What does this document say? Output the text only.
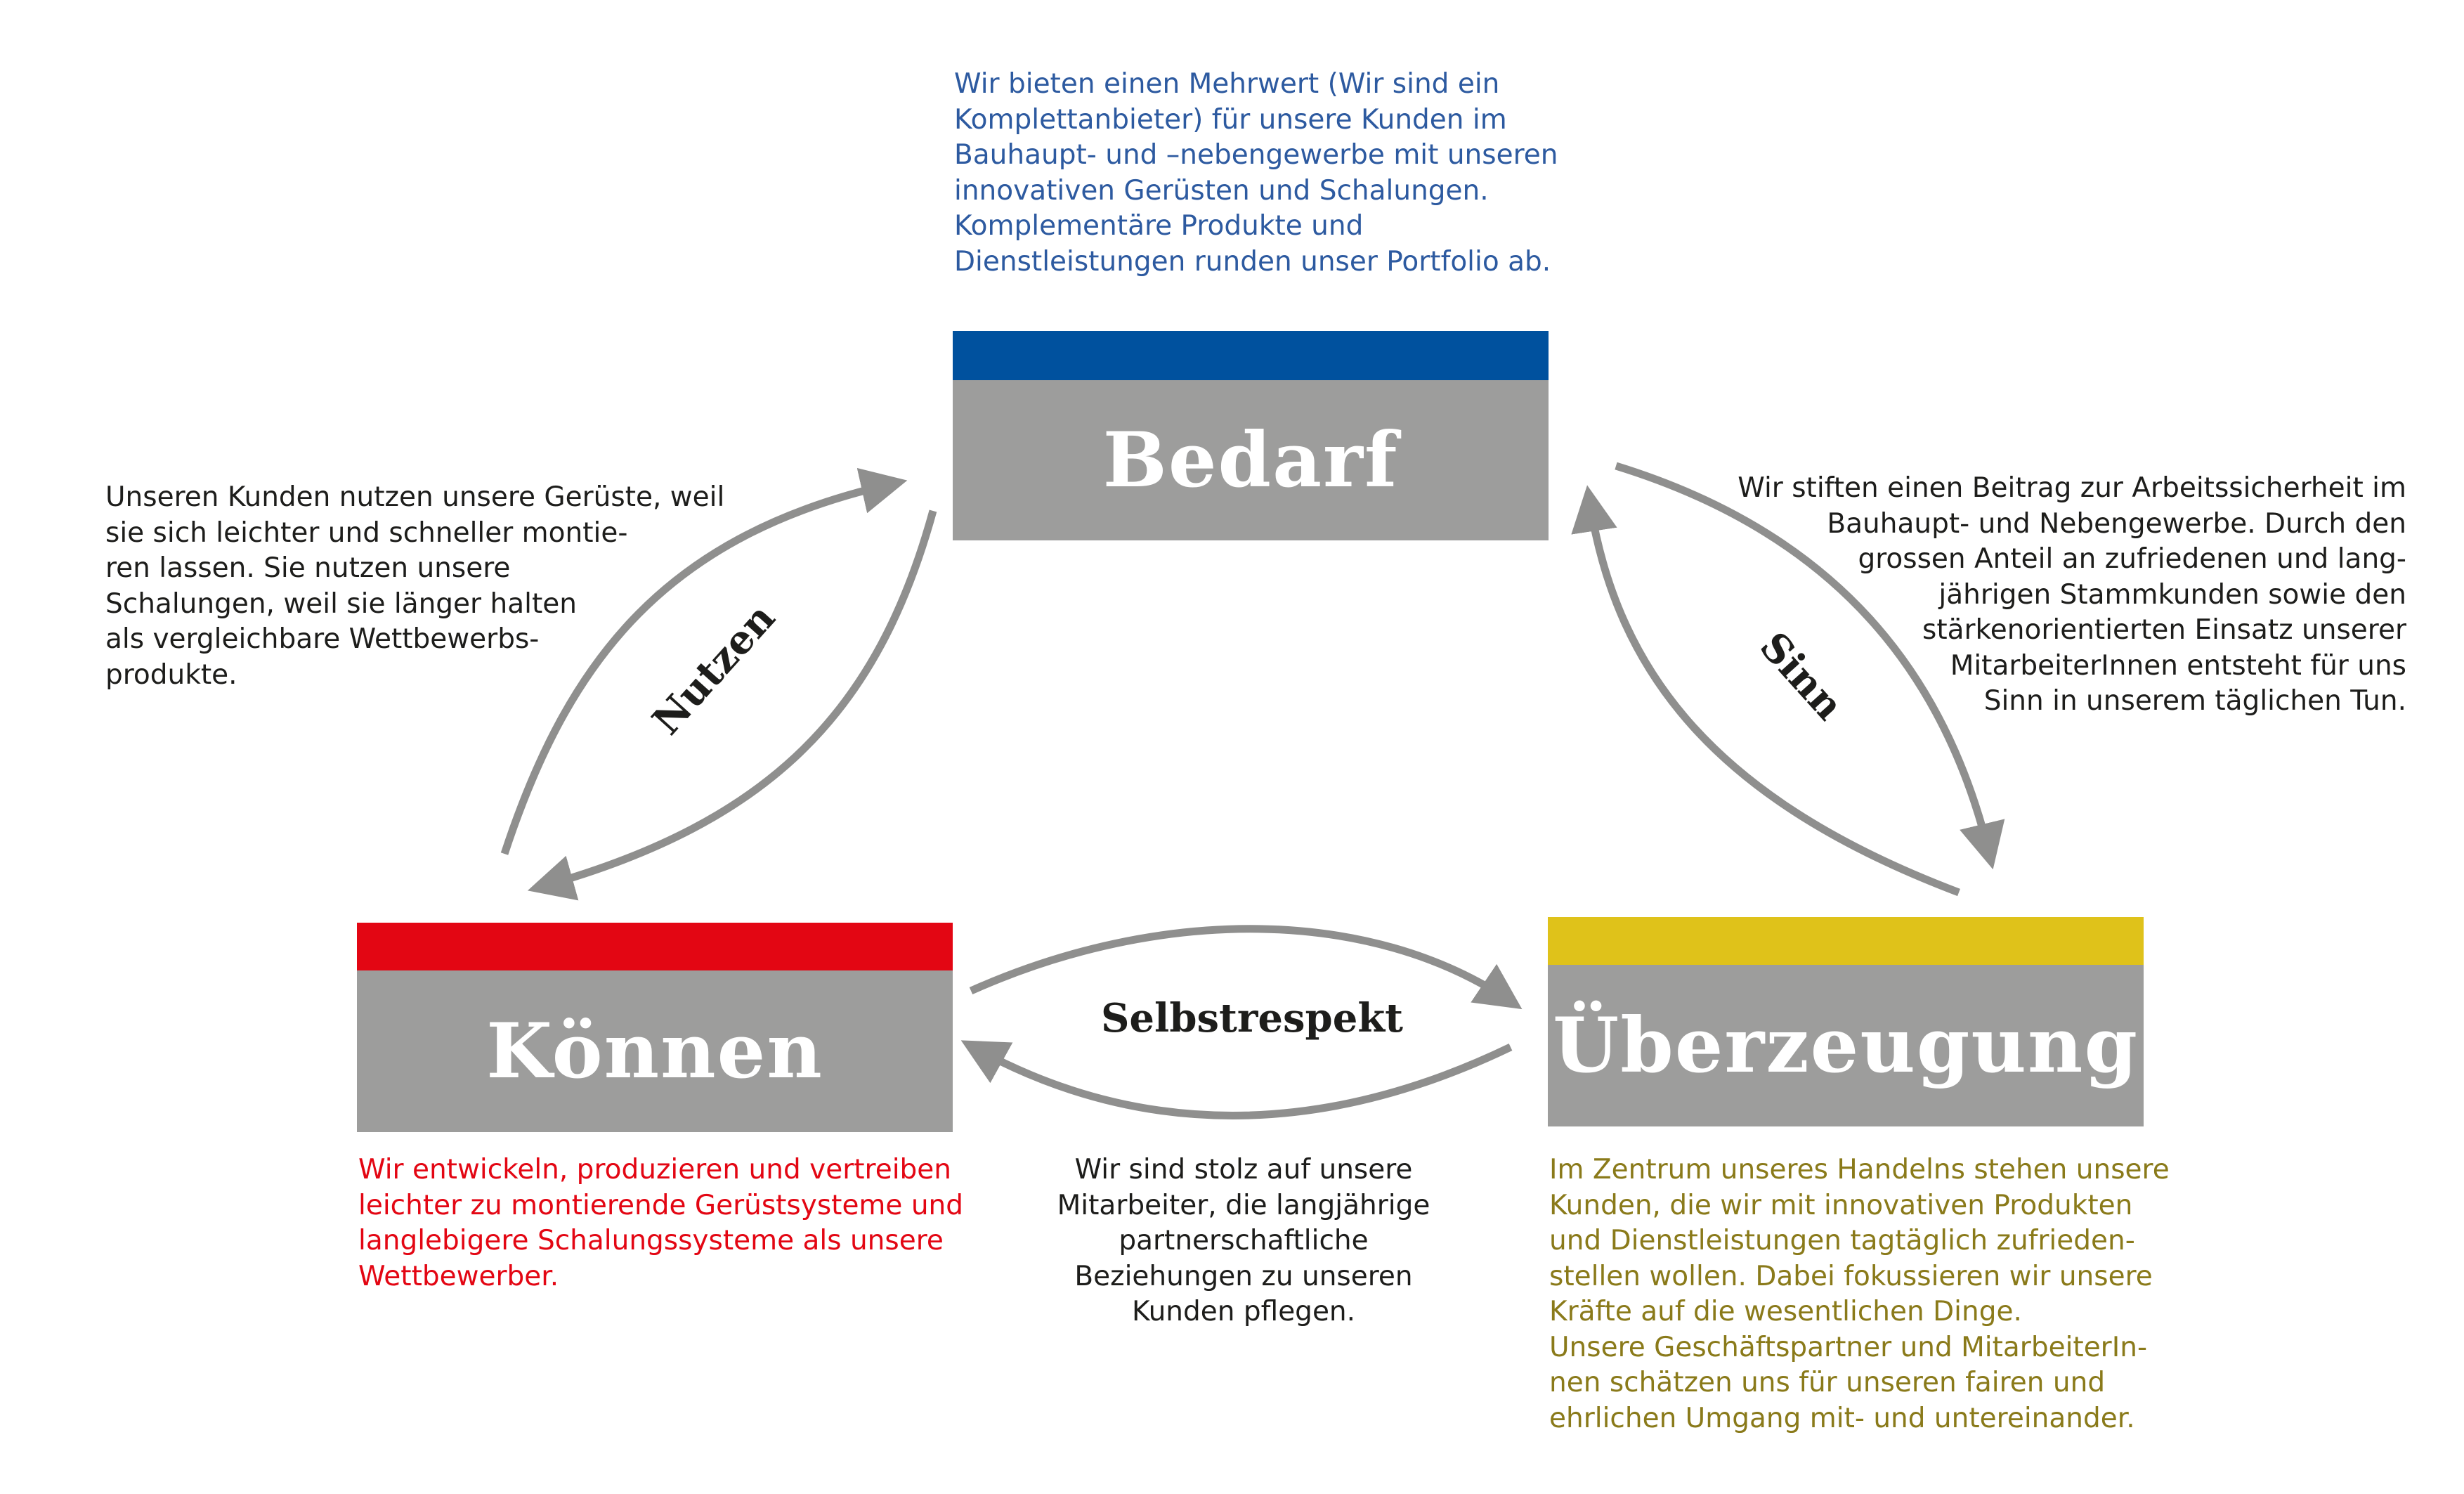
Wir bieten einen Mehrwert (Wir sind ein
Komplettanbieter) für unsere Kunden im
Bauhaupt- und –nebengewerbe mit unseren
innovativen Gerüsten und Schalungen.
Komplementäre Produkte und
Dienstleistungen runden unser Portfolio ab.

Unseren Kunden nutzen unsere Gerüste, weil
sie sich leichter und schneller montie-
ren lassen. Sie nutzen unsere
Schalungen, weil sie länger halten
als vergleichbare Wettbewerbs-
produkte.

Wir stiften einen Beitrag zur Arbeitssicherheit im
Bauhaupt- und Nebengewerbe. Durch den
grossen Anteil an zufriedenen und lang-
jährigen Stammkunden sowie den
stärkenorientierten Einsatz unserer
MitarbeiterInnen entsteht für uns
Sinn in unserem täglichen Tun.

Bedarf
Können	Überzeugung

Wir entwickeln, produzieren und vertreiben
leichter zu montierende Gerüstsysteme und
langlebigere Schalungssysteme als unsere
Wettbewerber.

Wir sind stolz auf unsere
Mitarbeiter, die langjährige
partnerschaftliche
Beziehungen zu unseren
Kunden pflegen.

Im Zentrum unseres Handelns stehen unsere
Kunden, die wir mit innovativen Produkten
und Dienstleistungen tagtäglich zufrieden-
stellen wollen. Dabei fokussieren wir unsere
Kräfte auf die wesentlichen Dinge.
Unsere Geschäftspartner und MitarbeiterIn-
nen schätzen uns für unseren fairen und
ehrlichen Umgang mit- und untereinander.

Nutzen	Sinn
Selbstrespekt
